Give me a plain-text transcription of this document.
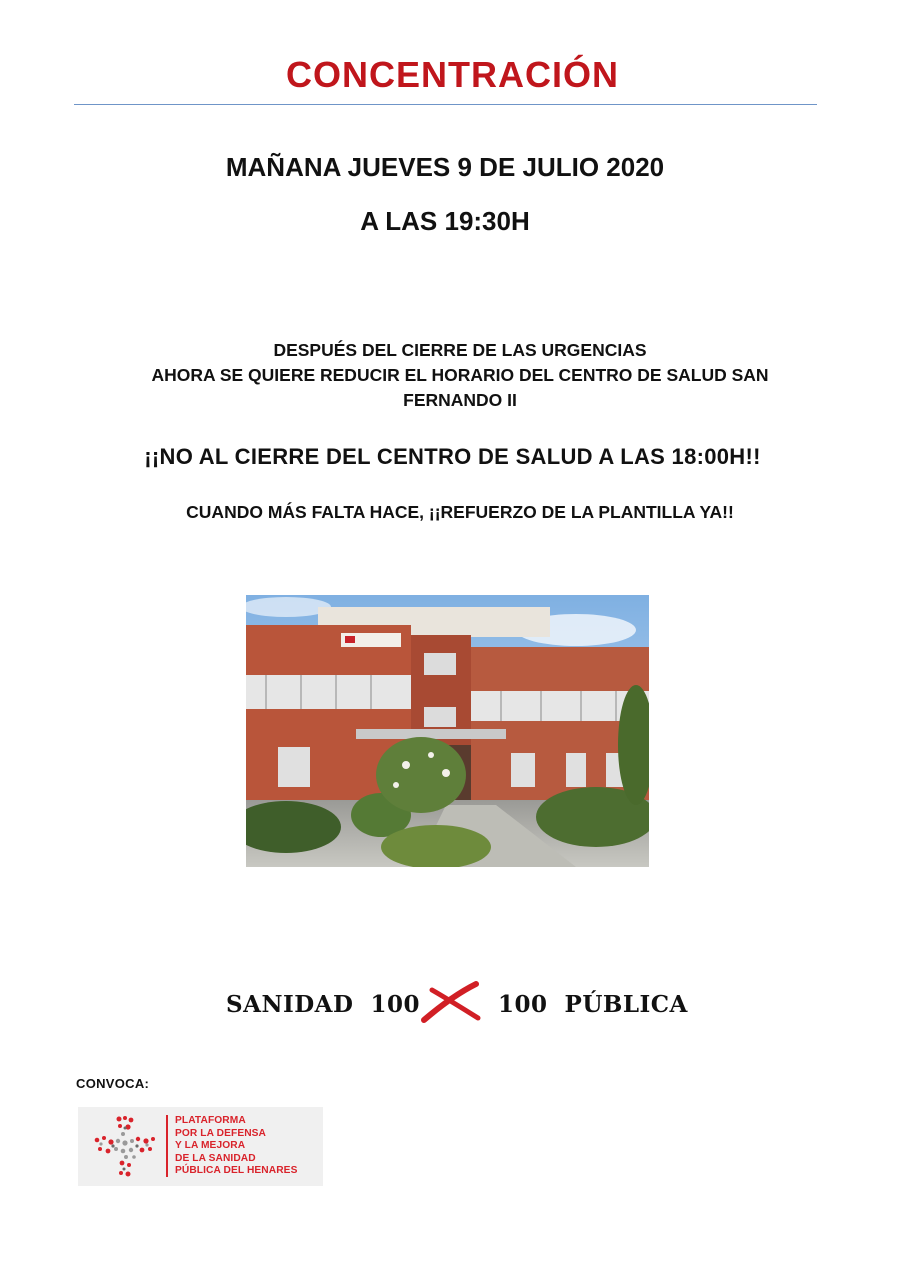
CONCENTRACIÓN
MAÑANA JUEVES 9 DE JULIO 2020
A LAS 19:30H
DESPUÉS DEL CIERRE DE LAS URGENCIAS
AHORA SE QUIERE REDUCIR EL HORARIO DEL CENTRO DE SALUD SAN
FERNANDO II
¡¡NO AL CIERRE DEL CENTRO DE SALUD A LAS 18:00H!!
CUANDO MÁS FALTA HACE, ¡¡REFUERZO DE LA PLANTILLA YA!!
SANIDAD  100	100  PÚBLICA
CONVOCA:
PLATAFORMA
POR LA DEFENSA
Y LA MEJORA
DE LA SANIDAD
PÚBLICA DEL HENARES
